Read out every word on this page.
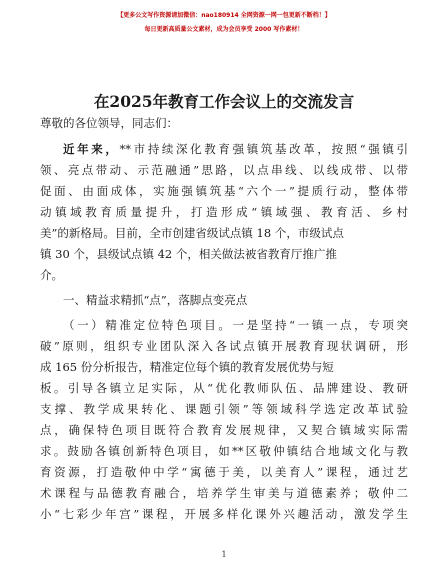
【更多公文写作资源请加微信：nao180914 全网资源一网一包更新不断档！】
每日更新高质量公文素材，成为会员享受 2000 写作素材！
在2025年教育工作会议上的交流发言
尊敬的各位领导，同志们：
近年来，**市持续深化教育强镇筑基改革，按照“强镇引
领、亮点带动、示范融通”思路，以点串线、以线成带、以带
促面、由面成体，实施强镇筑基“六个一”提质行动，整体带
动镇域教育质量提升，打造形成“镇域强、教育活、乡村
美”的新格局。目前，全市创建省级试点镇 18 个，市级试点
镇 30 个，县级试点镇 42 个，相关做法被省教育厅推广推
介。
一、精益求精抓“点”，落脚点变亮点
（一）精准定位特色项目。一是坚持“一镇一点，专项突
破”原则，组织专业团队深入各试点镇开展教育现状调研，形
成 165 份分析报告，精准定位每个镇的教育发展优势与短
板。引导各镇立足实际，从“优化教师队伍、品牌建设、教研
支撑、教学成果转化、课题引领”等领域科学选定改革试验
点，确保特色项目既符合教育发展规律，又契合镇域实际需
求。鼓励各镇创新特色项目，如**区敬仲镇结合地域文化与教
育资源，打造敬仲中学“寓德于美，以美育人”课程，通过艺
术课程与品德教育融合，培养学生审美与道德素养；敬仲二
小“七彩少年宫”课程，开展多样化课外兴趣活动，激发学生
1
